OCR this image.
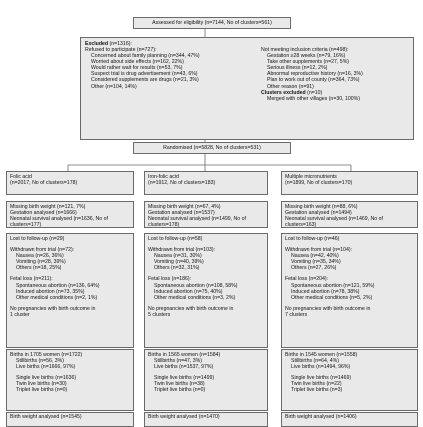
Assessed for eligibility (n=7144, No of clusters=561)
Excluded (n=1316):
Refused to participate (n=727):
Concerned about family planning (n=344, 47%)
Worried about side effects (n=162, 22%)
Would rather wait for results (n=53, 7%)
Suspect trial is drug advertisement (n=43, 6%)
Considered supplements are drugs (n=21, 3%)
Other (n=104, 14%)
Not meeting inclusion criteria (n=498):
Gestation ≥28 weeks (n=79, 16%)
Take other supplements (n=27, 5%)
Serious illness (n=12, 2%)
Abnormal reproductive history (n=16, 3%)
Plan to work out of county (n=364, 73%)
Other reason (n=91)
Clusters excluded (n=10)
Merged with other villages (n=30, 100%)
Randomised (n=5828, No of clusters=531)
Folic acid
(n=2017, No of clusters=178)
Lost to follow-up (n=29)
Withdrawn from trial (n=72):
Nausea (n=26, 36%)
Vomiting (n=28, 39%)
Others (n=18, 25%)
Fetal loss (n=211):
Spontaneous abortion (n=136, 64%)
Induced abortion (n=73, 35%)
Other medical conditions (n=2, 1%)
No pregnancies with birth outcome in
1 cluster
Births in 1705 women (n=1722)
Stillbirths (n=56, 3%)
Live births (n=1666, 97%)
Single live births (n=1636)
Twin live births (n=30)
Triplet live births (n=0)
Birth weight analysed (n=1545)
Iron-folic acid
(n=1912, No of clusters=183)
Lost to follow-up (n=58)
Withdrawn from trial (n=103):
Nausea (n=31, 30%)
Vomiting (n=40, 39%)
Others (n=32, 31%)
Fetal loss (n=186):
Spontaneous abortion (n=108, 58%)
Induced abortion (n=75, 40%)
Other medical conditions (n=3, 2%)
No pregnancies with birth outcome in
5 clusters
Births in 1565 women (n=1584)
Stillbirths (n=47, 3%)
Live births (n=1537, 97%)
Single live births (n=1499)
Twin live births (n=38)
Triplet live births (n=0)
Birth weight analysed (n=1470)
Multiple micronutrients
(n=1899, No of clusters=170)
Lost to follow-up (n=46)
Withdrawn from trial (n=104):
Nausea (n=42, 40%)
Vomiting (n=35, 34%)
Others (n=27, 26%)
Fetal loss (n=204):
Spontaneous abortion (n=121, 59%)
Induced abortion (n=78, 38%)
Other medical conditions (n=5, 2%)
No pregnancies with birth outcome in
7 clusters
Births in 1545 women (n=1558)
Stillbirths (n=64, 4%)
Live births (n=1494, 96%)
Single live births (n=1469)
Twin live births (n=22)
Triplet live births (n=3)
Birth weight analysed (n=1406)
Missing birth weight (n=121, 7%)
Gestation analysed (n=1666)
Neonatal survival analysed (n=1636, No of
clusters=177)
Missing birth weight (n=67, 4%)
Gestation analysed (n=1537)
Neonatal survival analysed (n=1499, No of
clusters=178)
Missing birth weight (n=88, 6%)
Gestation analysed (n=1494)
Neonatal survival analysed (n=1469, No of
clusters=163)
